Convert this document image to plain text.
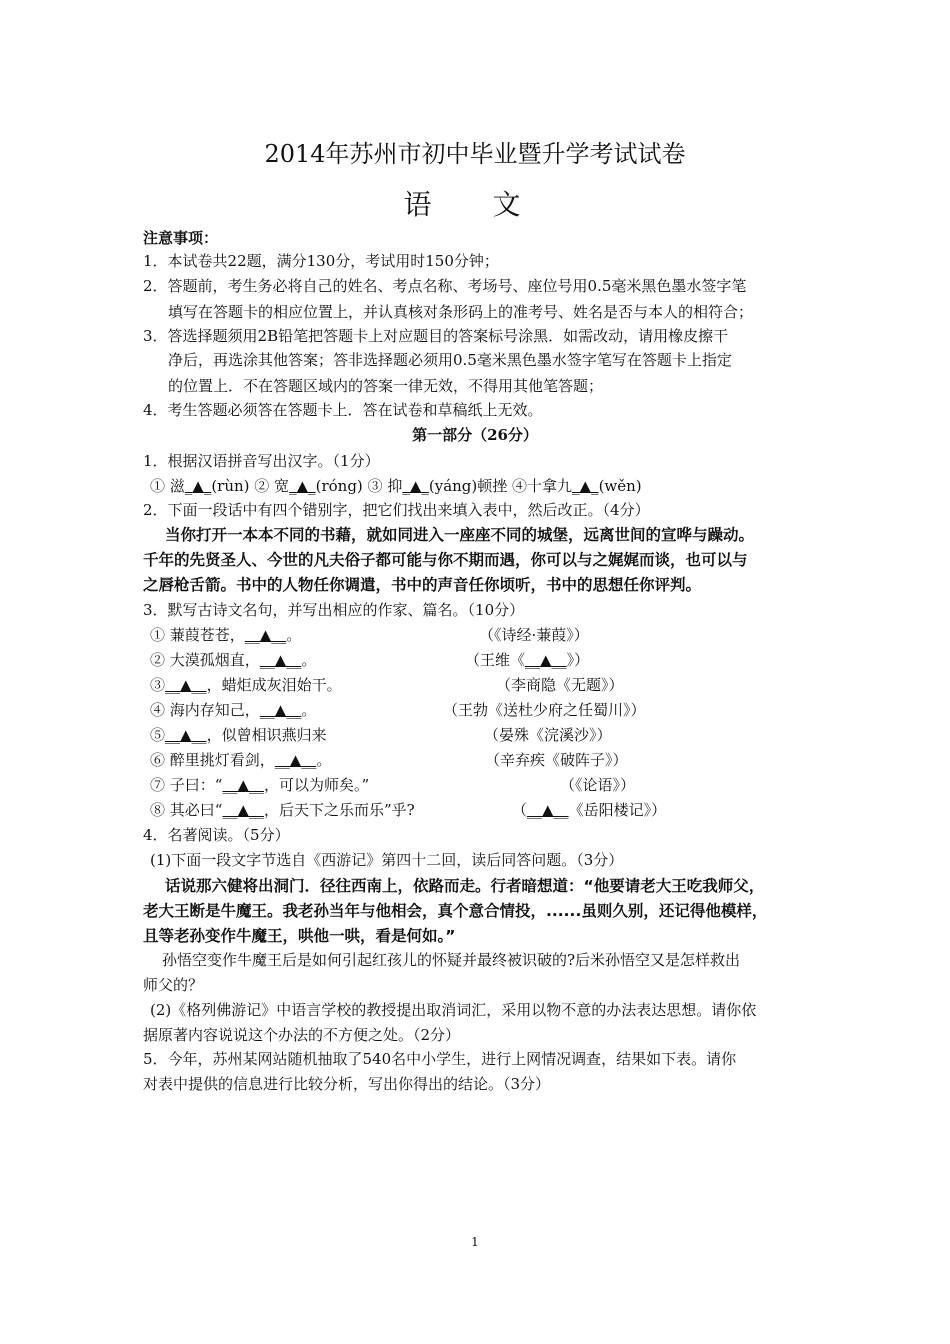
2014年苏州市初中毕业暨升学考试试卷
语 文
注意事项：
1．本试卷共22题，满分130分，考试用时150分钟；
2．答题前，考生务必将自己的姓名、考点名称、考场号、座位号用0.5毫米黑色墨水签字笔
填写在答题卡的相应位置上，并认真核对条形码上的准考号、姓名是否与本人的相符合；
3．答选择题须用2B铅笔把答题卡上对应题目的答案标号涂黑．如需改动，请用橡皮擦干
净后，再选涂其他答案；答非选择题必须用0.5毫米黑色墨水签字笔写在答题卡上指定
的位置上．不在答题区域内的答案一律无效，不得用其他笔答题；
4．考生答题必须答在答题卡上．答在试卷和草稿纸上无效。
第一部分（26分）
1．根据汉语拼音写出汉字。（1分）
① 滋_▲_(rùn) ② 宽_▲_(róng) ③ 抑_▲_(yáng)顿挫 ④十拿九_▲_(wěn)
2．下面一段话中有四个错别字，把它们找出来填入表中，然后改正。（4分）
当你打开一本本不同的书藉，就如同进入一座座不同的城堡，远离世间的宣哗与躁动。
千年的先贤圣人、今世的凡夫俗子都可能与你不期而遇，你可以与之娓娓而谈，也可以与
之唇枪舌箭。书中的人物任你调遣，书中的声音任你顷听，书中的思想任你评判。
3．默写古诗文名句，并写出相应的作家、篇名。（10分）
① 蒹葭苍苍，__▲__。	（《诗经·蒹葭》）
② 大漠孤烟直，__▲__。	（王维《__▲__》）
③__▲__，蜡炬成灰泪始干。	（李商隐《无题》）
④ 海内存知己，__▲__。	（王勃《送杜少府之任蜀川》）
⑤__▲__，似曾相识燕归来	（晏殊《浣溪沙》）
⑥ 醉里挑灯看剑，__▲__。	（辛弃疾《破阵子》）
⑦ 子曰：“__▲__，可以为师矣。”	（《论语》）
⑧ 其必曰“__▲__，后天下之乐而乐”乎?	（__▲__《岳阳楼记》）
4．名著阅读。（5分）
(1)下面一段文字节选自《西游记》第四十二回，读后同答问题。（3分）
话说那六健将出洞门．径往西南上，依路而走。行者暗想道：“他要请老大王吃我师父，
老大王断是牛魔王。我老孙当年与他相会，真个意合情投，......虽则久别，还记得他模样，
且等老孙变作牛魔王，哄他一哄，看是何如。”
孙悟空变作牛魔王后是如何引起红孩儿的怀疑并最终被识破的?后米孙悟空又是怎样救出
师父的？
(2)《格列佛游记》中语言学校的教授提出取消词汇，采用以物不意的办法表达思想。请你依
据原著内容说说这个办法的不方便之处。（2分）
5．今年，苏州某网站随机抽取了540名中小学生，进行上网情况调查，结果如下表。请你
对表中提供的信息进行比较分析，写出你得出的结论。（3分）
1
